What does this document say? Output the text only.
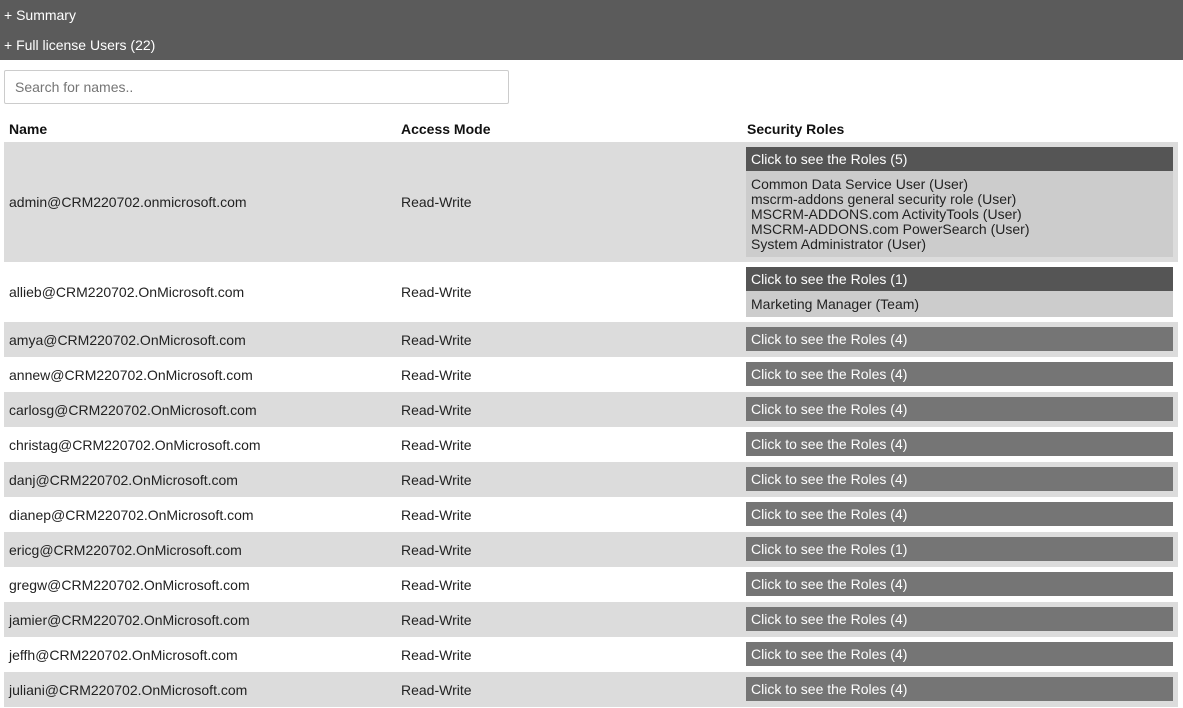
+ Summary
+ Full license Users (22)
Search for names..
Name	Access Mode	Security Roles
admin@CRM220702.onmicrosoft.com	Read-Write
Click to see the Roles (5)
Common Data Service User (User)
mscrm-addons general security role (User)
MSCRM-ADDONS.com ActivityTools (User)
MSCRM-ADDONS.com PowerSearch (User)
System Administrator (User)
allieb@CRM220702.OnMicrosoft.com	Read-Write
Click to see the Roles (1)
Marketing Manager (Team)
amya@CRM220702.OnMicrosoft.com	Read-Write	Click to see the Roles (4)
annew@CRM220702.OnMicrosoft.com	Read-Write	Click to see the Roles (4)
carlosg@CRM220702.OnMicrosoft.com	Read-Write	Click to see the Roles (4)
christag@CRM220702.OnMicrosoft.com	Read-Write	Click to see the Roles (4)
danj@CRM220702.OnMicrosoft.com	Read-Write	Click to see the Roles (4)
dianep@CRM220702.OnMicrosoft.com	Read-Write	Click to see the Roles (4)
ericg@CRM220702.OnMicrosoft.com	Read-Write	Click to see the Roles (1)
gregw@CRM220702.OnMicrosoft.com	Read-Write	Click to see the Roles (4)
jamier@CRM220702.OnMicrosoft.com	Read-Write	Click to see the Roles (4)
jeffh@CRM220702.OnMicrosoft.com	Read-Write	Click to see the Roles (4)
juliani@CRM220702.OnMicrosoft.com	Read-Write	Click to see the Roles (4)
